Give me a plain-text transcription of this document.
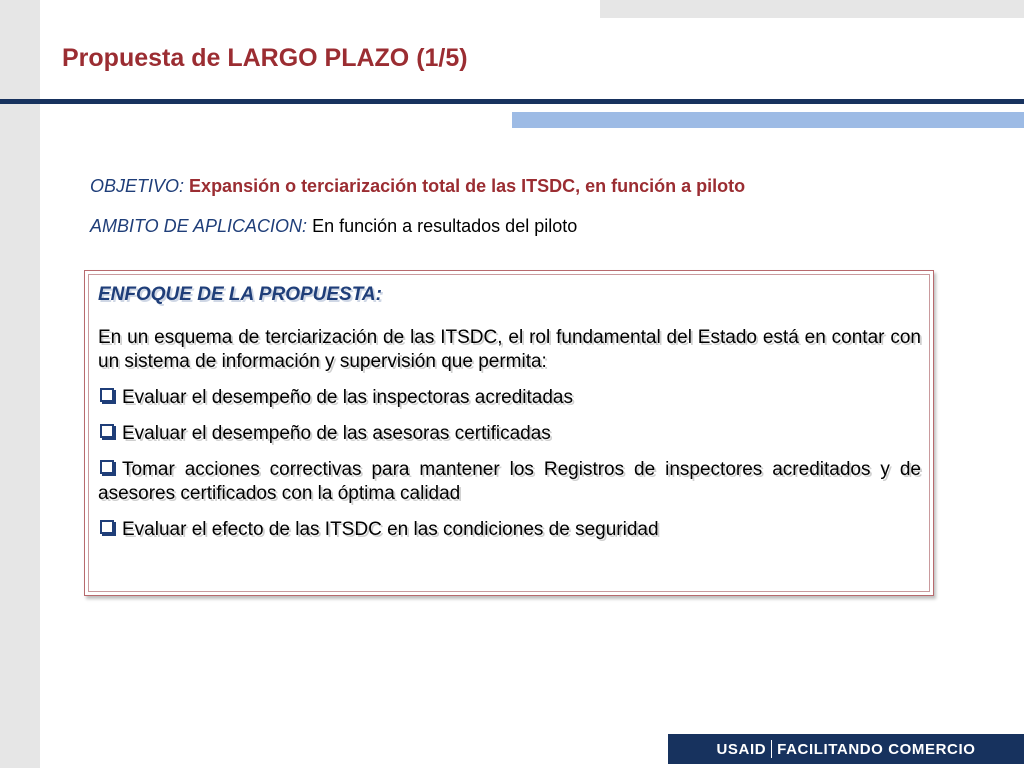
Propuesta de LARGO PLAZO (1/5)

OBJETIVO: Expansión o terciarización total de las ITSDC, en función a piloto

AMBITO DE APLICACION: En función a resultados del piloto

ENFOQUE DE LA PROPUESTA:

En un esquema de terciarización de las ITSDC, el rol fundamental del Estado está en contar con un sistema de información y supervisión que permita:

Evaluar el desempeño de las inspectoras acreditadas

Evaluar el desempeño de las asesoras certificadas

Tomar acciones correctivas para mantener los Registros de inspectores acreditados y de asesores certificados con la óptima calidad

Evaluar el efecto de las ITSDC en las condiciones de seguridad

USAID FACILITANDO COMERCIO
